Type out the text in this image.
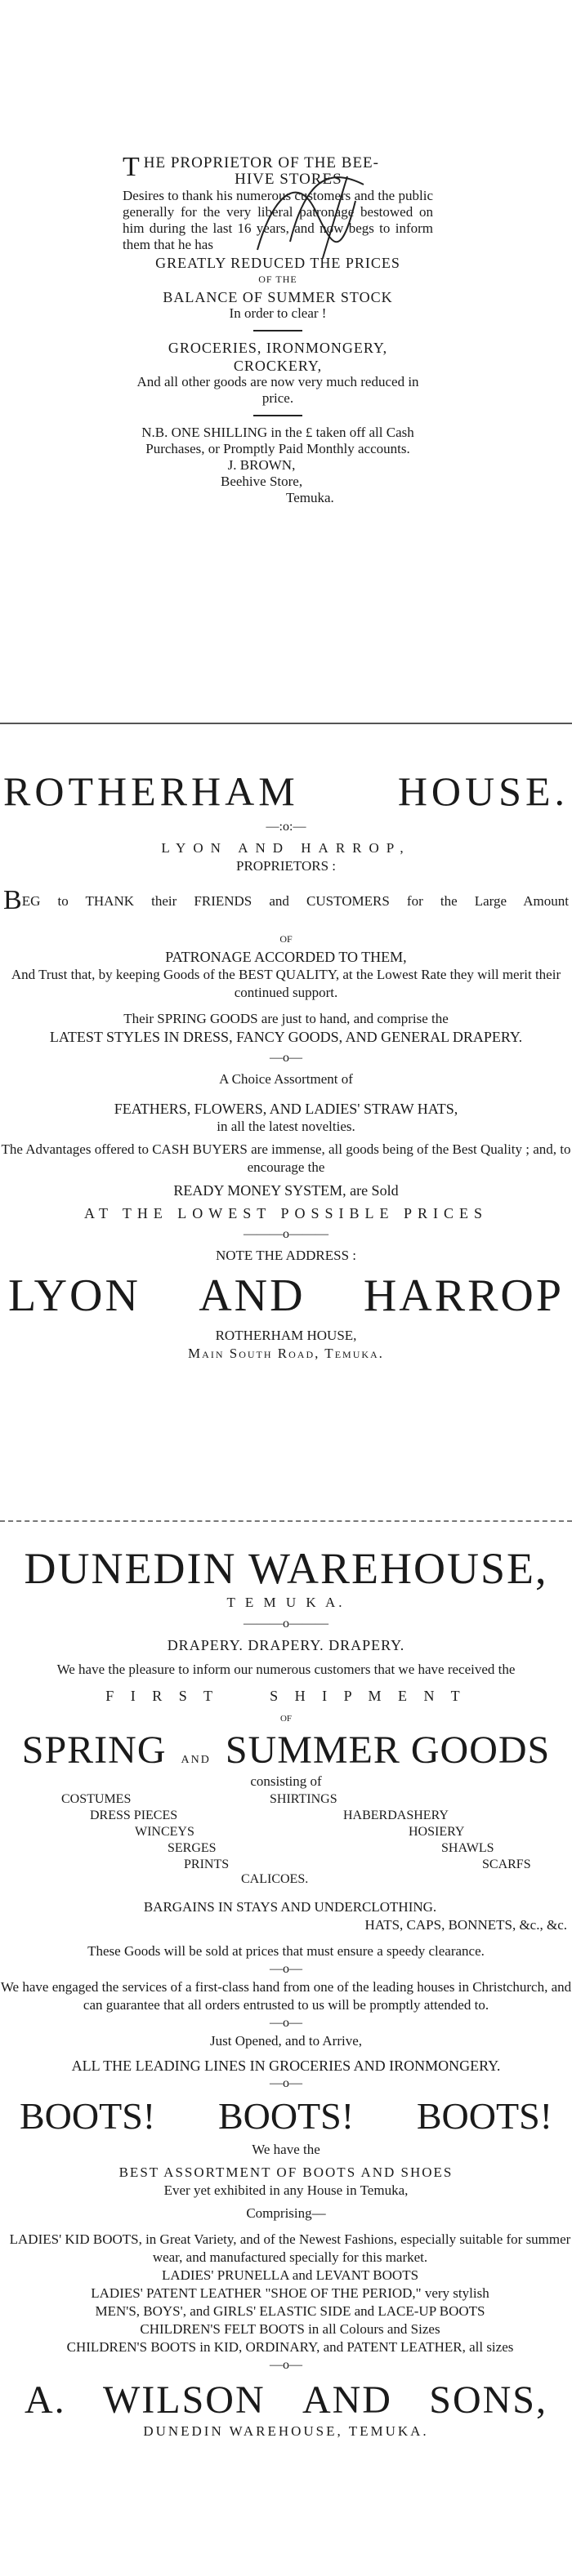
THE PROPRIETOR OF THE BEE-

HIVE STORES

Desires to thank his numerous customers and the public generally for the very liberal patronage bestowed on him during the last 16 years, and now begs to inform them that he has

GREATLY REDUCED THE PRICES

OF THE

BALANCE OF SUMMER STOCK

In order to clear !

GROCERIES, IRONMONGERY,

CROCKERY,

And all other goods are now very much reduced in price.

N.B. ONE SHILLING in the £ taken off all Cash Purchases, or Promptly Paid Monthly accounts.

J. BROWN,

Beehive Store,

Temuka.

ROTHERHAM HOUSE.
—:o:—

LYON AND HARROP,

PROPRIETORS :

BEG to THANK their FRIENDS and CUSTOMERS for the Large Amount

OF

PATRONAGE ACCORDED TO THEM,

And Trust that, by keeping Goods of the BEST QUALITY, at the Lowest Rate they will merit their continued support.

Their SPRING GOODS are just to hand, and comprise the

LATEST STYLES IN DRESS, FANCY GOODS, AND GENERAL DRAPERY.

—o—

A Choice Assortment of

FEATHERS, FLOWERS, AND LADIES' STRAW HATS,

in all the latest novelties.

The Advantages offered to CASH BUYERS are immense, all goods being of the Best Quality ; and, to encourage the

READY MONEY SYSTEM, are Sold

AT THE LOWEST POSSIBLE PRICES

———o———

NOTE THE ADDRESS :

LYON AND HARROP

ROTHERHAM HOUSE,

Main South Road, Temuka.

DUNEDIN WAREHOUSE,

T E M U K A.

———o———

DRAPERY. DRAPERY. DRAPERY.

We have the pleasure to inform our numerous customers that we have received the

F I R S T     S H I P M E N T

OF

SPRING AND SUMMER GOODS

consisting of

COSTUMES	SHIRTINGS
DRESS PIECES	HABERDASHERY
WINCEYS	HOSIERY
SERGES	SHAWLS
PRINTS	SCARFS
CALICOES.

BARGAINS IN STAYS AND UNDERCLOTHING.

HATS, CAPS, BONNETS, &c., &c.

These Goods will be sold at prices that must ensure a speedy clearance.

—o—

We have engaged the services of a first-class hand from one of the leading houses in Christchurch, and can guarantee that all orders entrusted to us will be promptly attended to.

—o—

Just Opened, and to Arrive,

ALL THE LEADING LINES IN GROCERIES AND IRONMONGERY.

—o—
BOOTS! BOOTS! BOOTS!

We have the

BEST ASSORTMENT OF BOOTS AND SHOES

Ever yet exhibited in any House in Temuka,

Comprising—

LADIES' KID BOOTS, in Great Variety, and of the Newest Fashions, especially suitable for summer wear, and manufactured specially for this market.

LADIES' PRUNELLA and LEVANT BOOTS

LADIES' PATENT LEATHER "SHOE OF THE PERIOD," very stylish

MEN'S, BOYS', and GIRLS' ELASTIC SIDE and LACE-UP BOOTS

CHILDREN'S FELT BOOTS in all Colours and Sizes

CHILDREN'S BOOTS in KID, ORDINARY, and PATENT LEATHER, all sizes

—o—
A. WILSON AND SONS,

DUNEDIN WAREHOUSE, TEMUKA.
